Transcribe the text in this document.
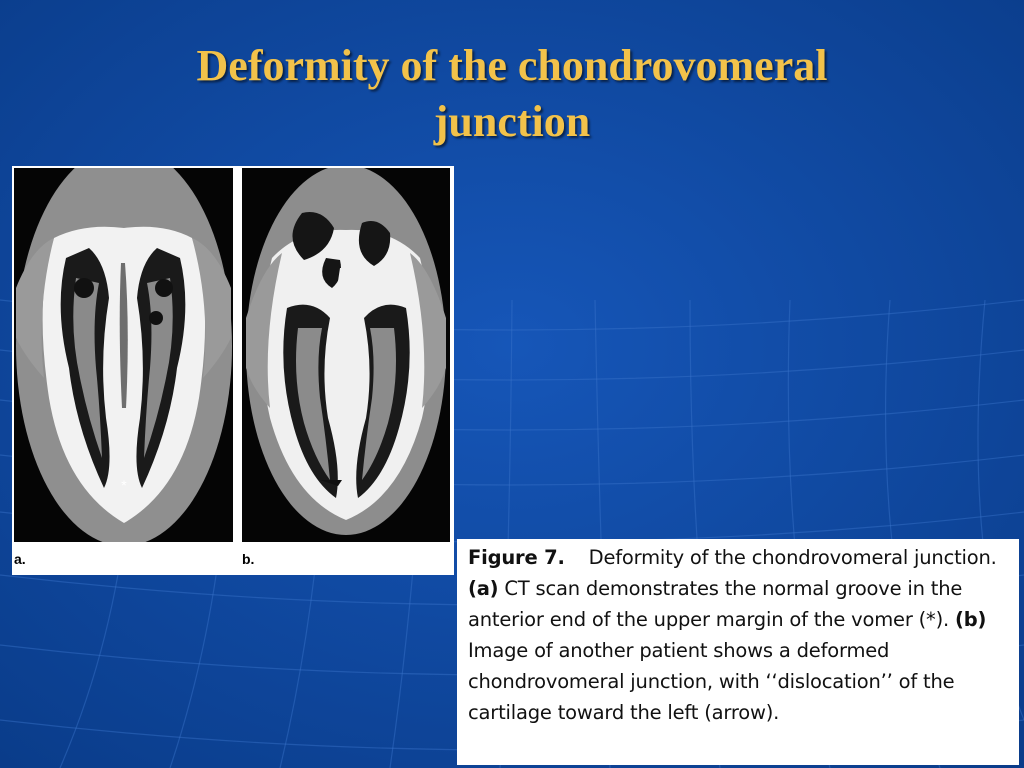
Deformity of the chondrovomeral
junction
*
a.	b.	Figure 7. Deformity of the chondrovomeral junction. (a) CT scan demonstrates the normal groove in the anterior end of the upper margin of the vomer (*). (b) Image of another patient shows a deformed chondrovomeral junction, with ‘‘dislocation’’ of the cartilage toward the left (arrow).
